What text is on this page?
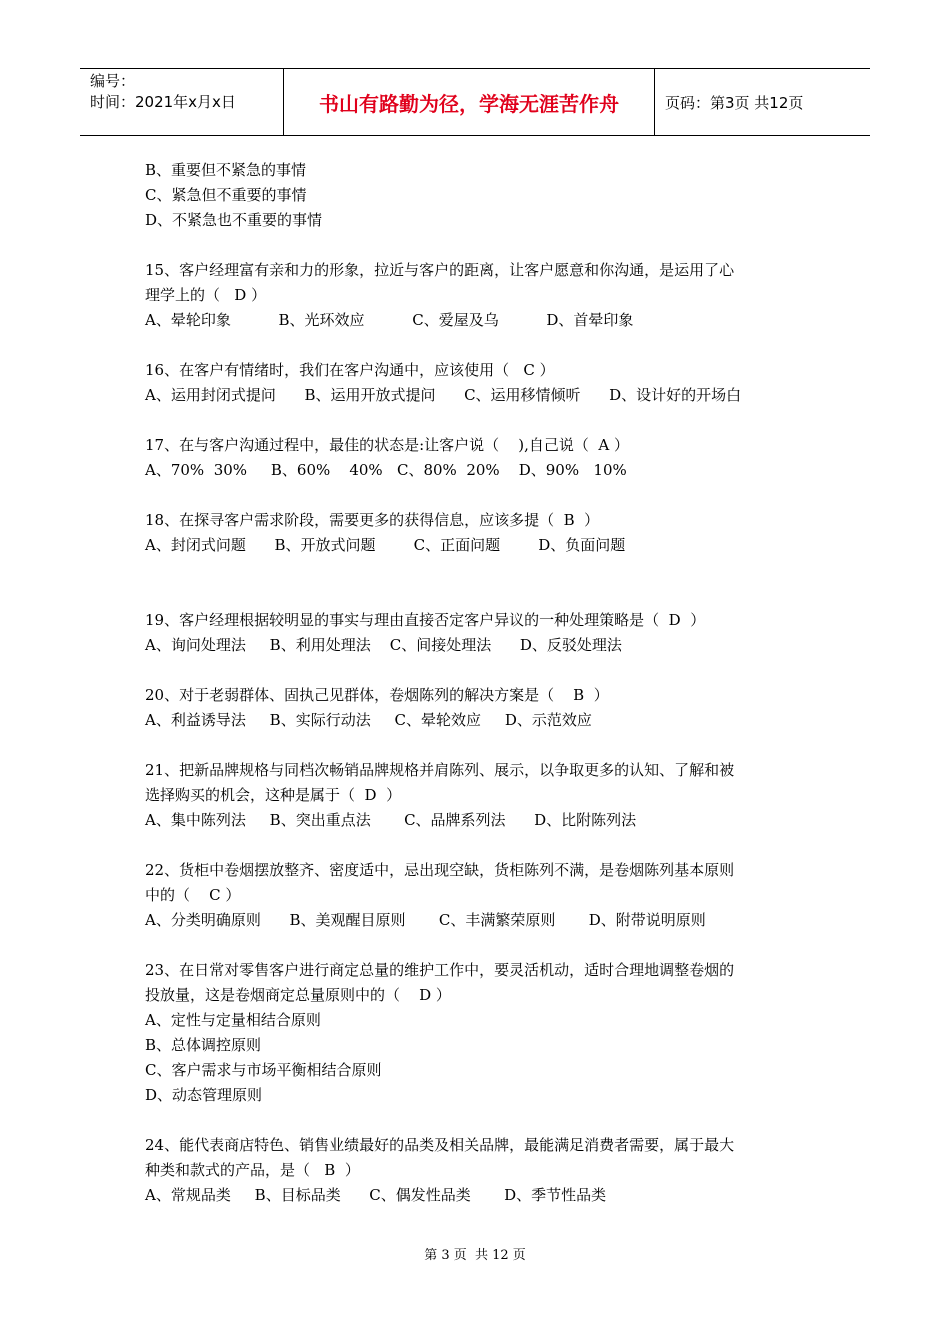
编号：
时间：2021年x月x日	书山有路勤为径，学海无涯苦作舟	页码：第3页 共12页
B、重要但不紧急的事情
C、紧急但不重要的事情
D、不紧急也不重要的事情
15、客户经理富有亲和力的形象，拉近与客户的距离，让客户愿意和你沟通，是运用了心
理学上的（   D ）
A、晕轮印象          B、光环效应          C、爱屋及乌          D、首晕印象
16、在客户有情绪时，我们在客户沟通中，应该使用（   C ）
A、运用封闭式提问      B、运用开放式提问      C、运用移情倾听      D、设计好的开场白
17、在与客户沟通过程中，最佳的状态是:让客户说（    ),自己说（  A ）
A、70%  30%     B、60%    40%   C、80%  20%    D、90%   10%
18、在探寻客户需求阶段，需要更多的获得信息，应该多提（  B  ）
A、封闭式问题      B、开放式问题        C、正面问题        D、负面问题
19、客户经理根据较明显的事实与理由直接否定客户异议的一种处理策略是（  D  ）
A、询问处理法     B、利用处理法    C、间接处理法      D、反驳处理法
20、对于老弱群体、固执己见群体，卷烟陈列的解决方案是（    B  ）
A、利益诱导法     B、实际行动法     C、晕轮效应     D、示范效应
21、把新品牌规格与同档次畅销品牌规格并肩陈列、展示，以争取更多的认知、了解和被
选择购买的机会，这种是属于（  D  ）
A、集中陈列法     B、突出重点法       C、品牌系列法      D、比附陈列法
22、货柜中卷烟摆放整齐、密度适中，忌出现空缺，货柜陈列不满，是卷烟陈列基本原则
中的（    C ）
A、分类明确原则      B、美观醒目原则       C、丰满繁荣原则       D、附带说明原则
23、在日常对零售客户进行商定总量的维护工作中，要灵活机动，适时合理地调整卷烟的
投放量，这是卷烟商定总量原则中的（    D ）
A、定性与定量相结合原则
B、总体调控原则
C、客户需求与市场平衡相结合原则
D、动态管理原则
24、能代表商店特色、销售业绩最好的品类及相关品牌，最能满足消费者需要，属于最大
种类和款式的产品，是（   B  ）
A、常规品类     B、目标品类      C、偶发性品类       D、季节性品类
第 3 页  共 12 页
